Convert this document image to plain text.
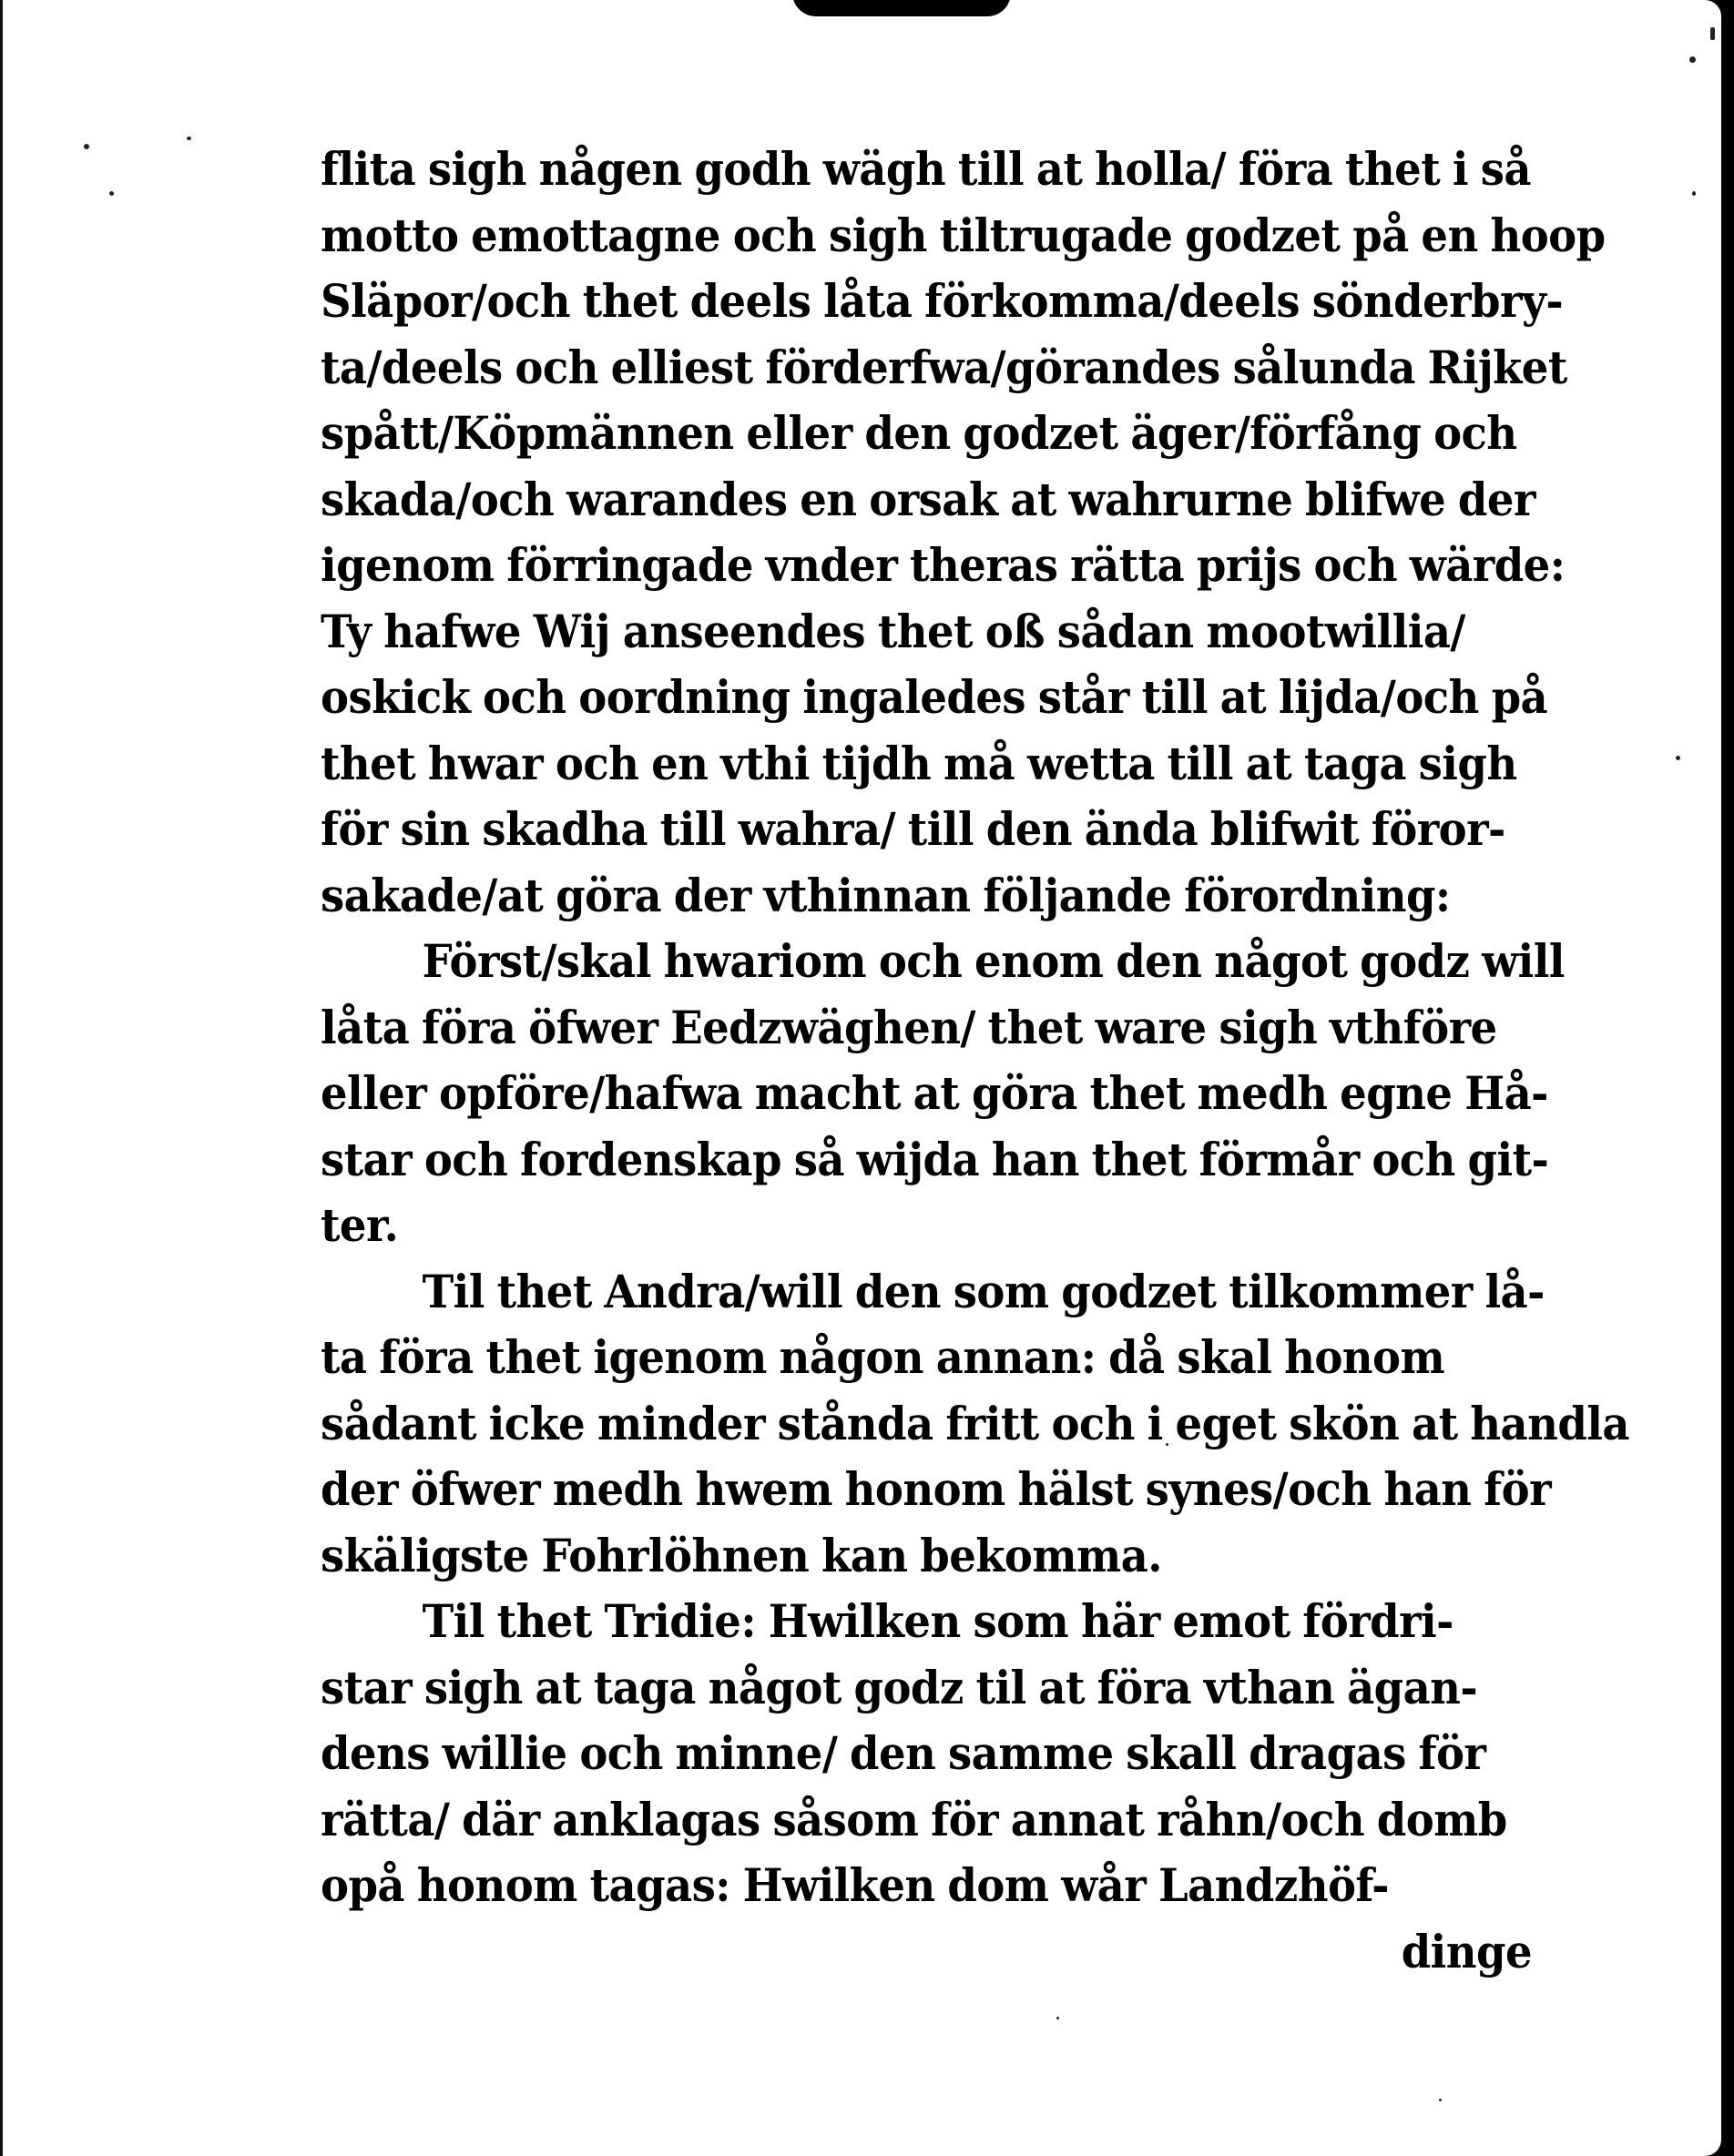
flita sigh någen godh wägh till at holla/ föra thet i så
motto emottagne och sigh tiltrugade godzet på en hoop
Släpor/och thet deels låta förkomma/deels sönderbry-
ta/deels och elliest förderfwa/görandes sålunda Rijket
spått/Köpmännen eller den godzet äger/förfång och
skada/och warandes en orsak at wahrurne blifwe der
igenom förringade vnder theras rätta prijs och wärde:
Ty hafwe Wij anseendes thet oß sådan mootwillia/
oskick och oordning ingaledes står till at lijda/och på
thet hwar och en vthi tijdh må wetta till at taga sigh
för sin skadha till wahra/ till den ända blifwit föror-
sakade/at göra der vthinnan följande förordning:
Först/skal hwariom och enom den något godz will
låta föra öfwer Eedzwäghen/ thet ware sigh vthföre
eller opföre/hafwa macht at göra thet medh egne Hå-
star och fordenskap så wijda han thet förmår och git-
ter.
Til thet Andra/will den som godzet tilkommer lå-
ta föra thet igenom någon annan: då skal honom
sådant icke minder stånda fritt och i eget skön at handla
der öfwer medh hwem honom hälst synes/och han för
skäligste Fohrlöhnen kan bekomma.
Til thet Tridie: Hwilken som här emot fördri-
star sigh at taga något godz til at föra vthan ägan-
dens willie och minne/ den samme skall dragas för
rätta/ där anklagas såsom för annat råhn/och domb
opå honom tagas: Hwilken dom wår Landzhöf-
dinge
